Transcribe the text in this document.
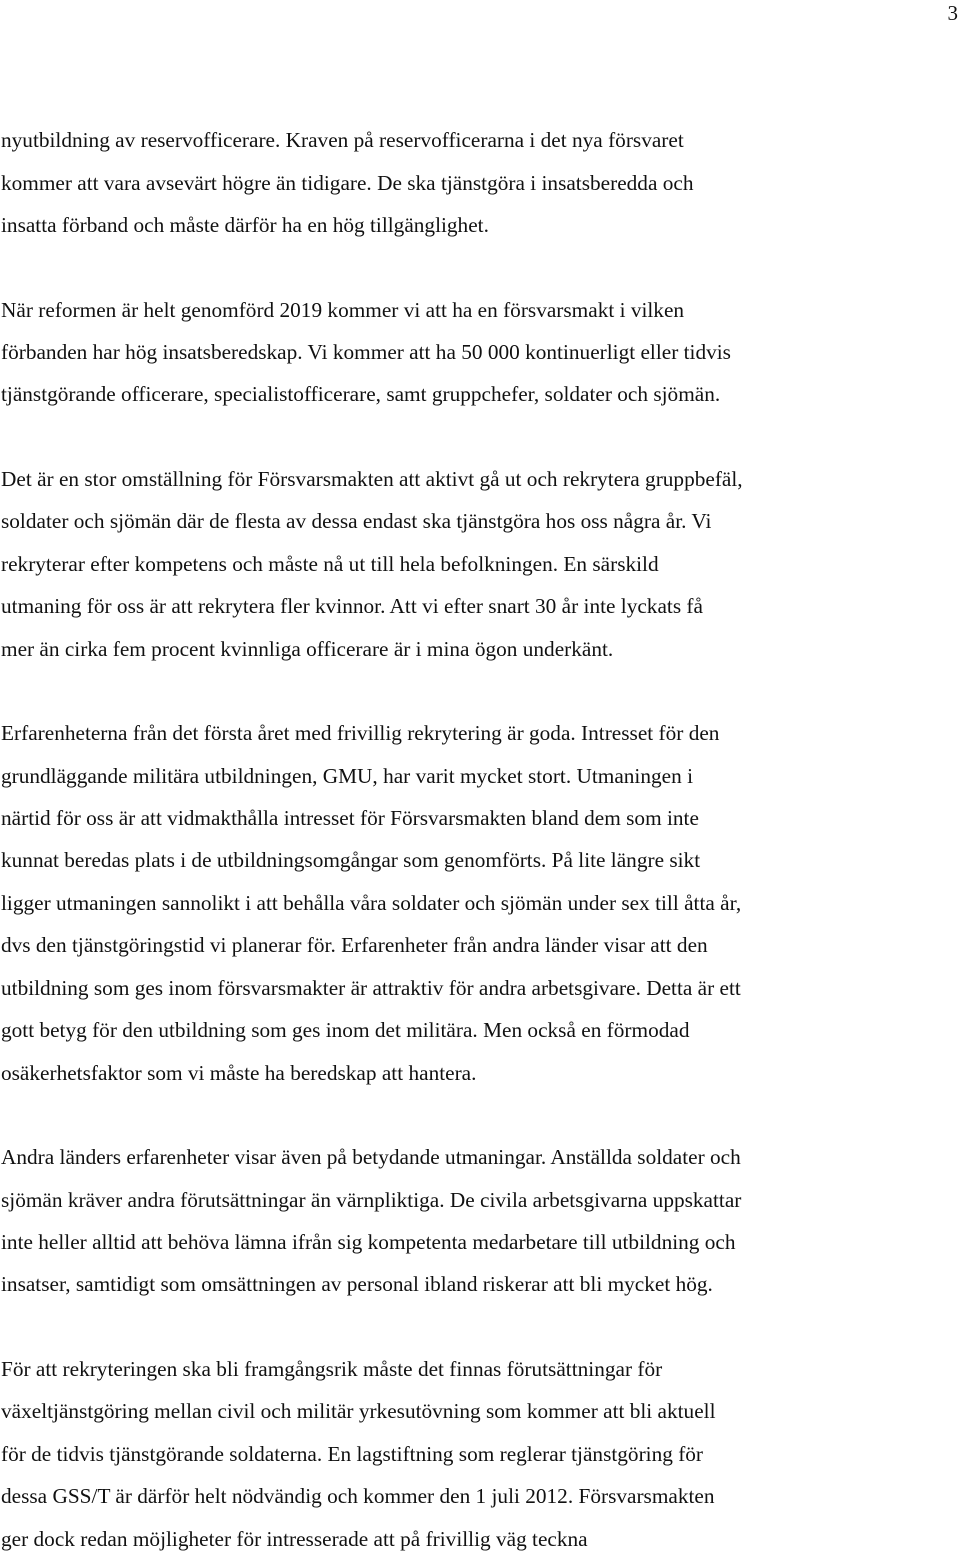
3
nyutbildning av reservofficerare. Kraven på reservofficerarna i det nya försvaret
kommer att vara avsevärt högre än tidigare. De ska tjänstgöra i insatsberedda och
insatta förband och måste därför ha en hög tillgänglighet.
När reformen är helt genomförd 2019 kommer vi att ha en försvarsmakt i vilken
förbanden har hög insatsberedskap. Vi kommer att ha 50 000 kontinuerligt eller tidvis
tjänstgörande officerare, specialistofficerare, samt gruppchefer, soldater och sjömän.
Det är en stor omställning för Försvarsmakten att aktivt gå ut och rekrytera gruppbefäl,
soldater och sjömän där de flesta av dessa endast ska tjänstgöra hos oss några år. Vi
rekryterar efter kompetens och måste nå ut till hela befolkningen. En särskild
utmaning för oss är att rekrytera fler kvinnor. Att vi efter snart 30 år inte lyckats få
mer än cirka fem procent kvinnliga officerare är i mina ögon underkänt.
Erfarenheterna från det första året med frivillig rekrytering är goda. Intresset för den
grundläggande militära utbildningen, GMU, har varit mycket stort. Utmaningen i
närtid för oss är att vidmakthålla intresset för Försvarsmakten bland dem som inte
kunnat beredas plats i de utbildningsomgångar som genomförts. På lite längre sikt
ligger utmaningen sannolikt i att behålla våra soldater och sjömän under sex till åtta år,
dvs den tjänstgöringstid vi planerar för. Erfarenheter från andra länder visar att den
utbildning som ges inom försvarsmakter är attraktiv för andra arbetsgivare. Detta är ett
gott betyg för den utbildning som ges inom det militära. Men också en förmodad
osäkerhetsfaktor som vi måste ha beredskap att hantera.
Andra länders erfarenheter visar även på betydande utmaningar. Anställda soldater och
sjömän kräver andra förutsättningar än värnpliktiga. De civila arbetsgivarna uppskattar
inte heller alltid att behöva lämna ifrån sig kompetenta medarbetare till utbildning och
insatser, samtidigt som omsättningen av personal ibland riskerar att bli mycket hög.
För att rekryteringen ska bli framgångsrik måste det finnas förutsättningar för
växeltjänstgöring mellan civil och militär yrkesutövning som kommer att bli aktuell
för de tidvis tjänstgörande soldaterna. En lagstiftning som reglerar tjänstgöring för
dessa GSS/T är därför helt nödvändig och kommer den 1 juli 2012. Försvarsmakten
ger dock redan möjligheter för intresserade att på frivillig väg teckna
